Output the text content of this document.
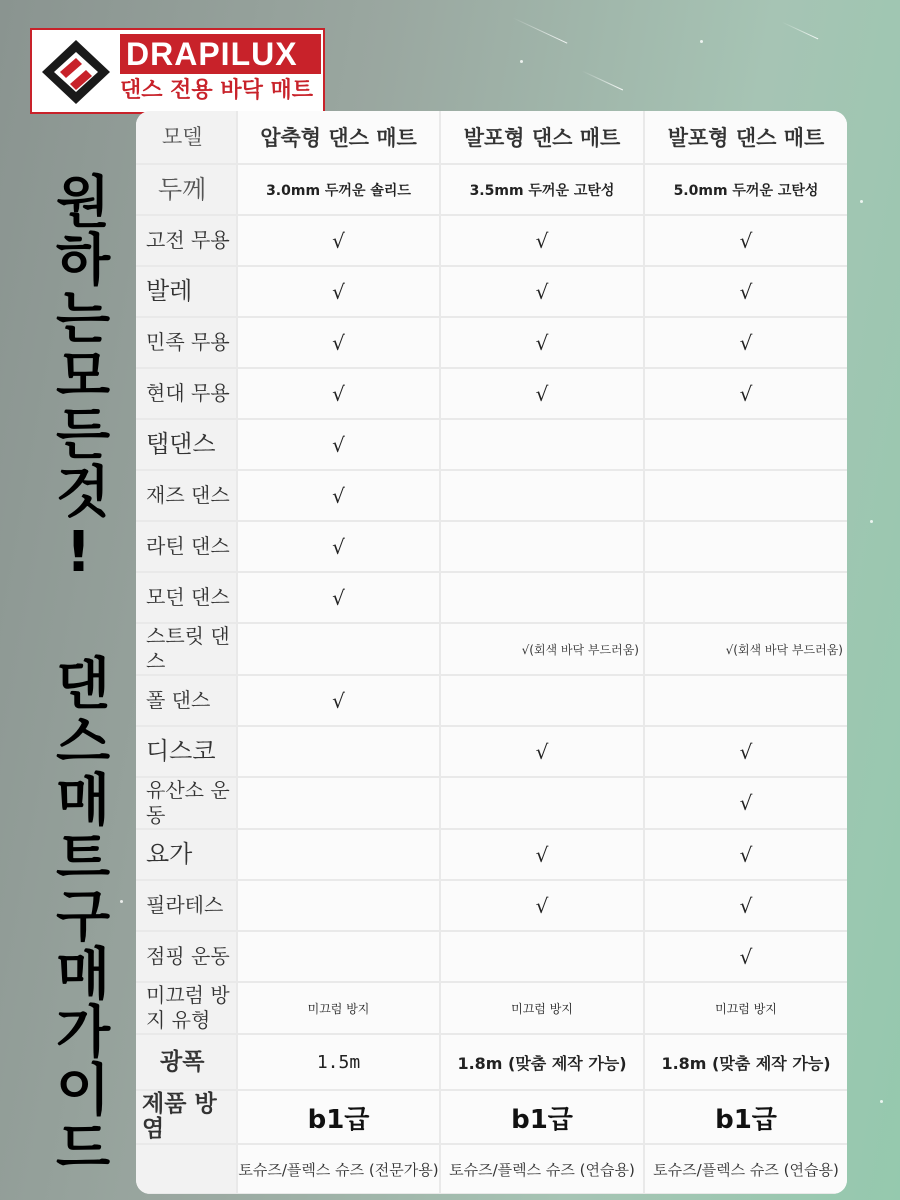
DRAPILUX
댄스 전용 바닥 매트
원하는모든것! 댄스매트구매가이드
모델	압축형 댄스 매트	발포형 댄스 매트	발포형 댄스 매트
두께	3.0mm 두꺼운 솔리드	3.5mm 두꺼운 고탄성	5.0mm 두꺼운 고탄성
고전 무용	√	√	√
발레	√	√	√
민족 무용	√	√	√
현대 무용	√	√	√
탭댄스	√		
재즈 댄스	√		
라틴 댄스	√		
모던 댄스	√		
스트릿 댄스		√(회색 바닥 부드러움)	√(회색 바닥 부드러움)
폴 댄스	√		
디스코		√	√
유산소 운동			√
요가		√	√
필라테스		√	√
점핑 운동			√
미끄럼 방지 유형	미끄럼 방지	미끄럼 방지	미끄럼 방지
광폭	1.5m	1.8m (맞춤 제작 가능)	1.8m (맞춤 제작 가능)
제품 방염	b1급	b1급	b1급
	토슈즈/플렉스 슈즈 (전문가용)	토슈즈/플렉스 슈즈 (연습용)	토슈즈/플렉스 슈즈 (연습용)
